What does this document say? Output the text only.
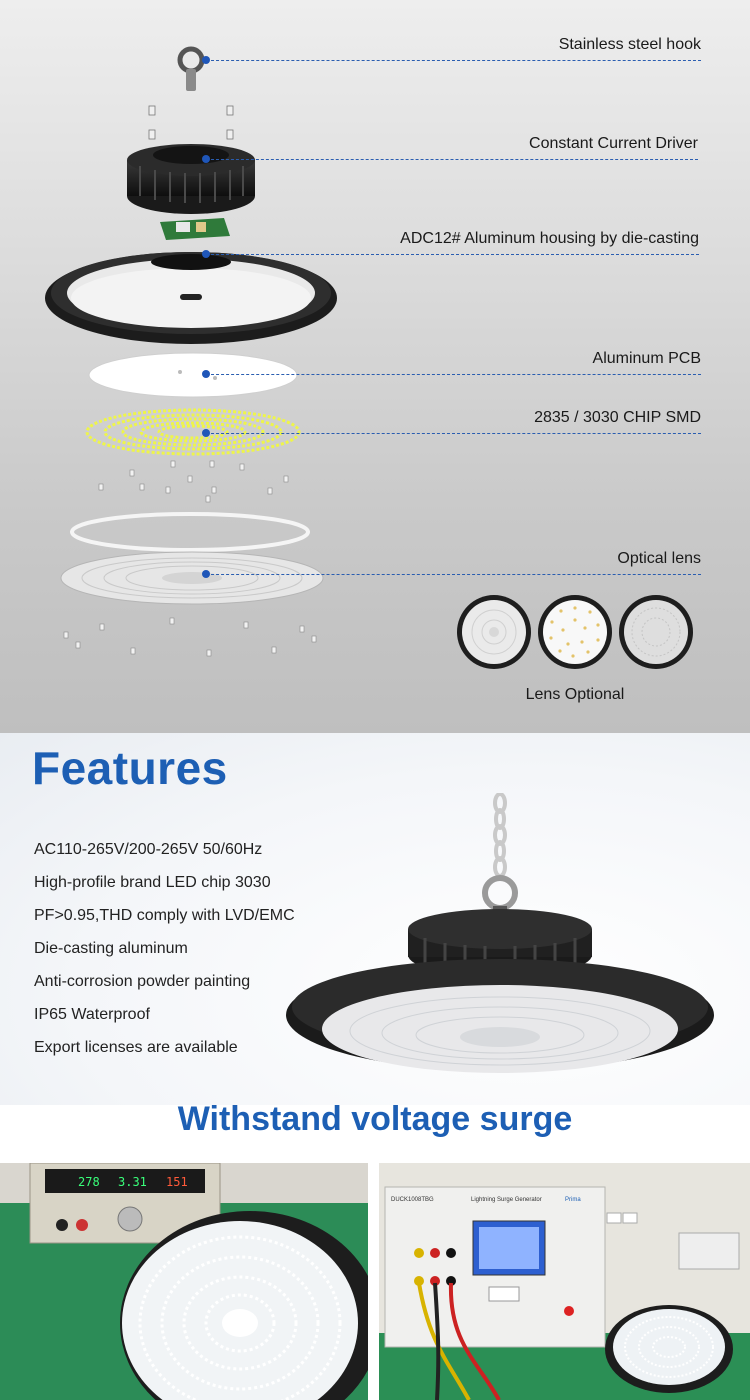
Stainless steel hook
Constant Current Driver
ADC12# Aluminum housing by die-casting
Aluminum PCB
2835 / 3030 CHIP SMD
Optical lens
Lens Optional
Features
AC110-265V/200-265V 50/60Hz
High-profile brand LED chip 3030
PF>0.95,THD comply with LVD/EMC
Die-casting aluminum
Anti-corrosion powder painting
IP65 Waterproof
Export licenses are available
Withstand voltage surge
278 3.31 151
DUCK1008TBG	Lightning Surge Generator	Prima
